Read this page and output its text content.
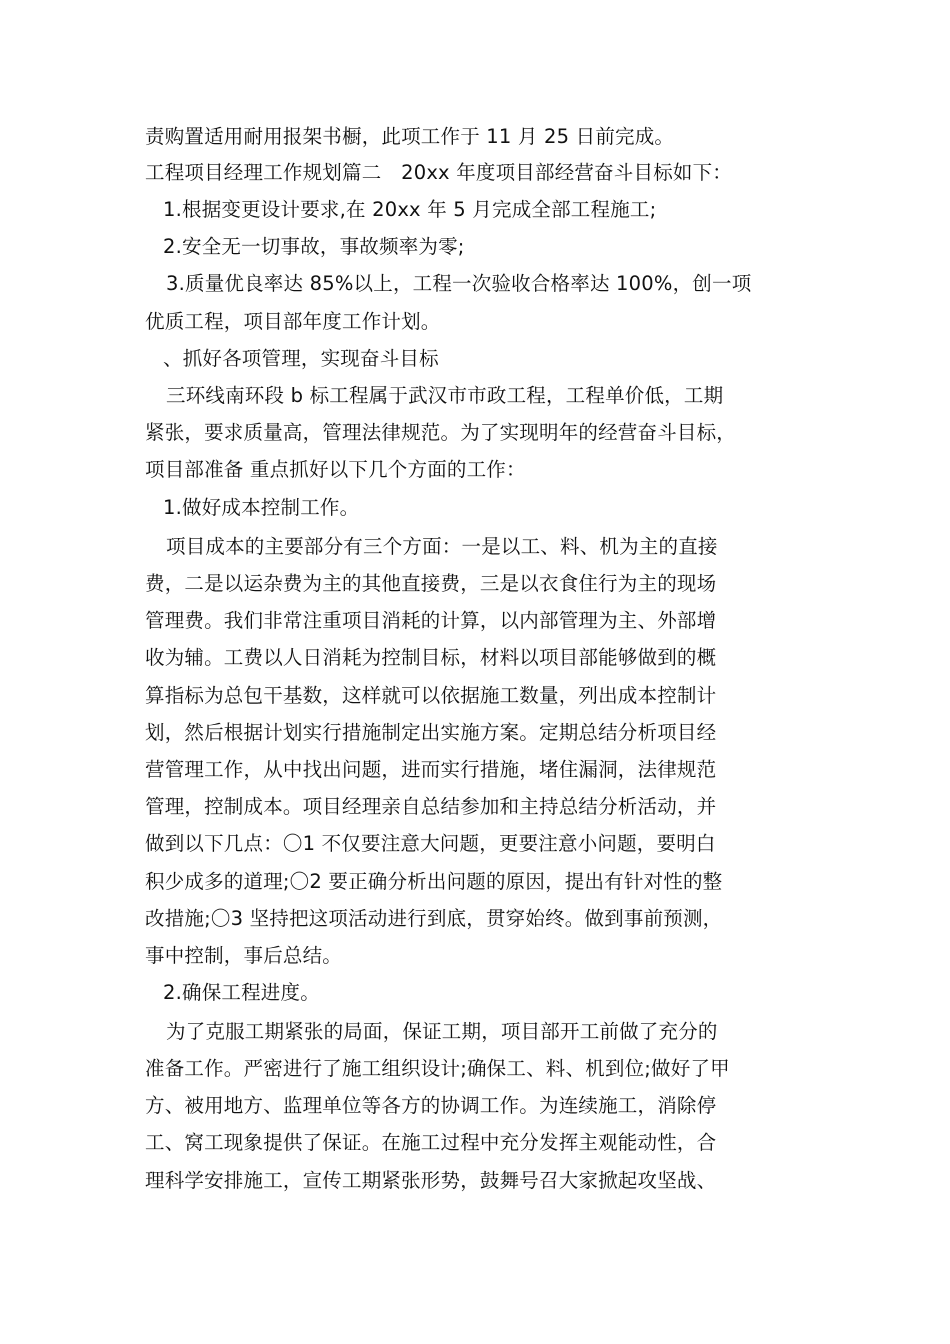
责购置适用耐用报架书橱，此项工作于 11 月 25 日前完成。
工程项目经理工作规划篇二　20xx 年度项目部经营奋斗目标如下：
1.根据变更设计要求,在 20xx 年 5 月完成全部工程施工;
2.安全无一切事故，事故频率为零;
3.质量优良率达 85%以上，工程一次验收合格率达 100%，创一项
优质工程，项目部年度工作计划。
、抓好各项管理，实现奋斗目标
三环线南环段 b 标工程属于武汉市市政工程，工程单价低，工期
紧张，要求质量高，管理法律规范。为了实现明年的经营奋斗目标，
项目部准备 重点抓好以下几个方面的工作：
1.做好成本控制工作。
项目成本的主要部分有三个方面：一是以工、料、机为主的直接
费，二是以运杂费为主的其他直接费，三是以衣食住行为主的现场
管理费。我们非常注重项目消耗的计算，以内部管理为主、外部增
收为辅。工费以人日消耗为控制目标，材料以项目部能够做到的概
算指标为总包干基数，这样就可以依据施工数量，列出成本控制计
划，然后根据计划实行措施制定出实施方案。定期总结分析项目经
营管理工作，从中找出问题，进而实行措施，堵住漏洞，法律规范
管理，控制成本。项目经理亲自总结参加和主持总结分析活动，并
做到以下几点：〇1 不仅要注意大问题，更要注意小问题，要明白
积少成多的道理;〇2 要正确分析出问题的原因，提出有针对性的整
改措施;〇3 坚持把这项活动进行到底，贯穿始终。做到事前预测，
事中控制，事后总结。
2.确保工程进度。
为了克服工期紧张的局面，保证工期，项目部开工前做了充分的
准备工作。严密进行了施工组织设计;确保工、料、机到位;做好了甲
方、被用地方、监理单位等各方的协调工作。为连续施工，消除停
工、窝工现象提供了保证。在施工过程中充分发挥主观能动性，合
理科学安排施工，宣传工期紧张形势，鼓舞号召大家掀起攻坚战、
